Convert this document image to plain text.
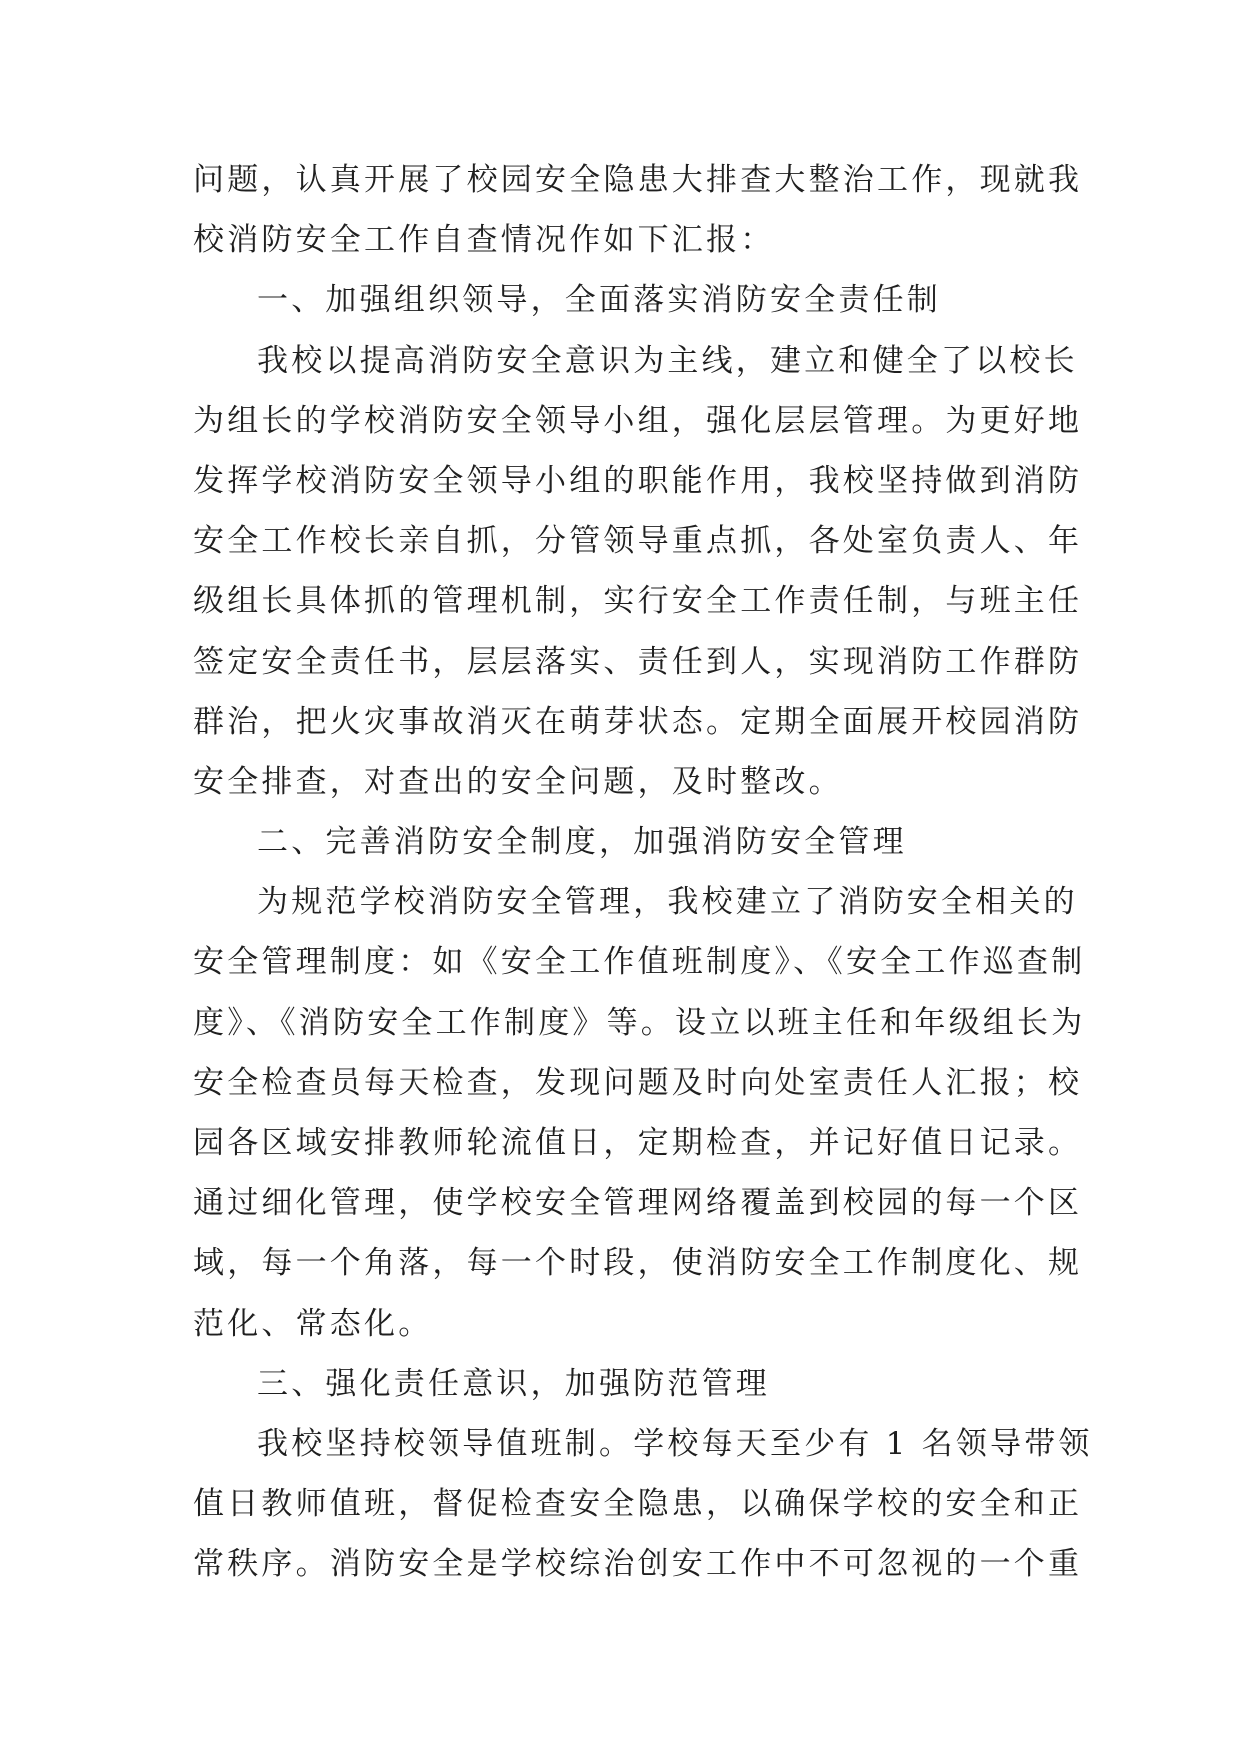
问题，认真开展了校园安全隐患大排查大整治工作，现就我
校消防安全工作自查情况作如下汇报：
一、加强组织领导，全面落实消防安全责任制
我校以提高消防安全意识为主线，建立和健全了以校长
为组长的学校消防安全领导小组，强化层层管理。为更好地
发挥学校消防安全领导小组的职能作用，我校坚持做到消防
安全工作校长亲自抓，分管领导重点抓，各处室负责人、年
级组长具体抓的管理机制，实行安全工作责任制，与班主任
签定安全责任书，层层落实、责任到人，实现消防工作群防
群治，把火灾事故消灭在萌芽状态。定期全面展开校园消防
安全排查，对查出的安全问题，及时整改。
二、完善消防安全制度，加强消防安全管理
为规范学校消防安全管理，我校建立了消防安全相关的
安全管理制度：如《安全工作值班制度》、《安全工作巡查制
度》、《消防安全工作制度》等。设立以班主任和年级组长为
安全检查员每天检查，发现问题及时向处室责任人汇报；校
园各区域安排教师轮流值日，定期检查，并记好值日记录。
通过细化管理，使学校安全管理网络覆盖到校园的每一个区
域，每一个角落，每一个时段，使消防安全工作制度化、规
范化、常态化。
三、强化责任意识，加强防范管理
我校坚持校领导值班制。学校每天至少有 1 名领导带领
值日教师值班，督促检查安全隐患，以确保学校的安全和正
常秩序。消防安全是学校综治创安工作中不可忽视的一个重
